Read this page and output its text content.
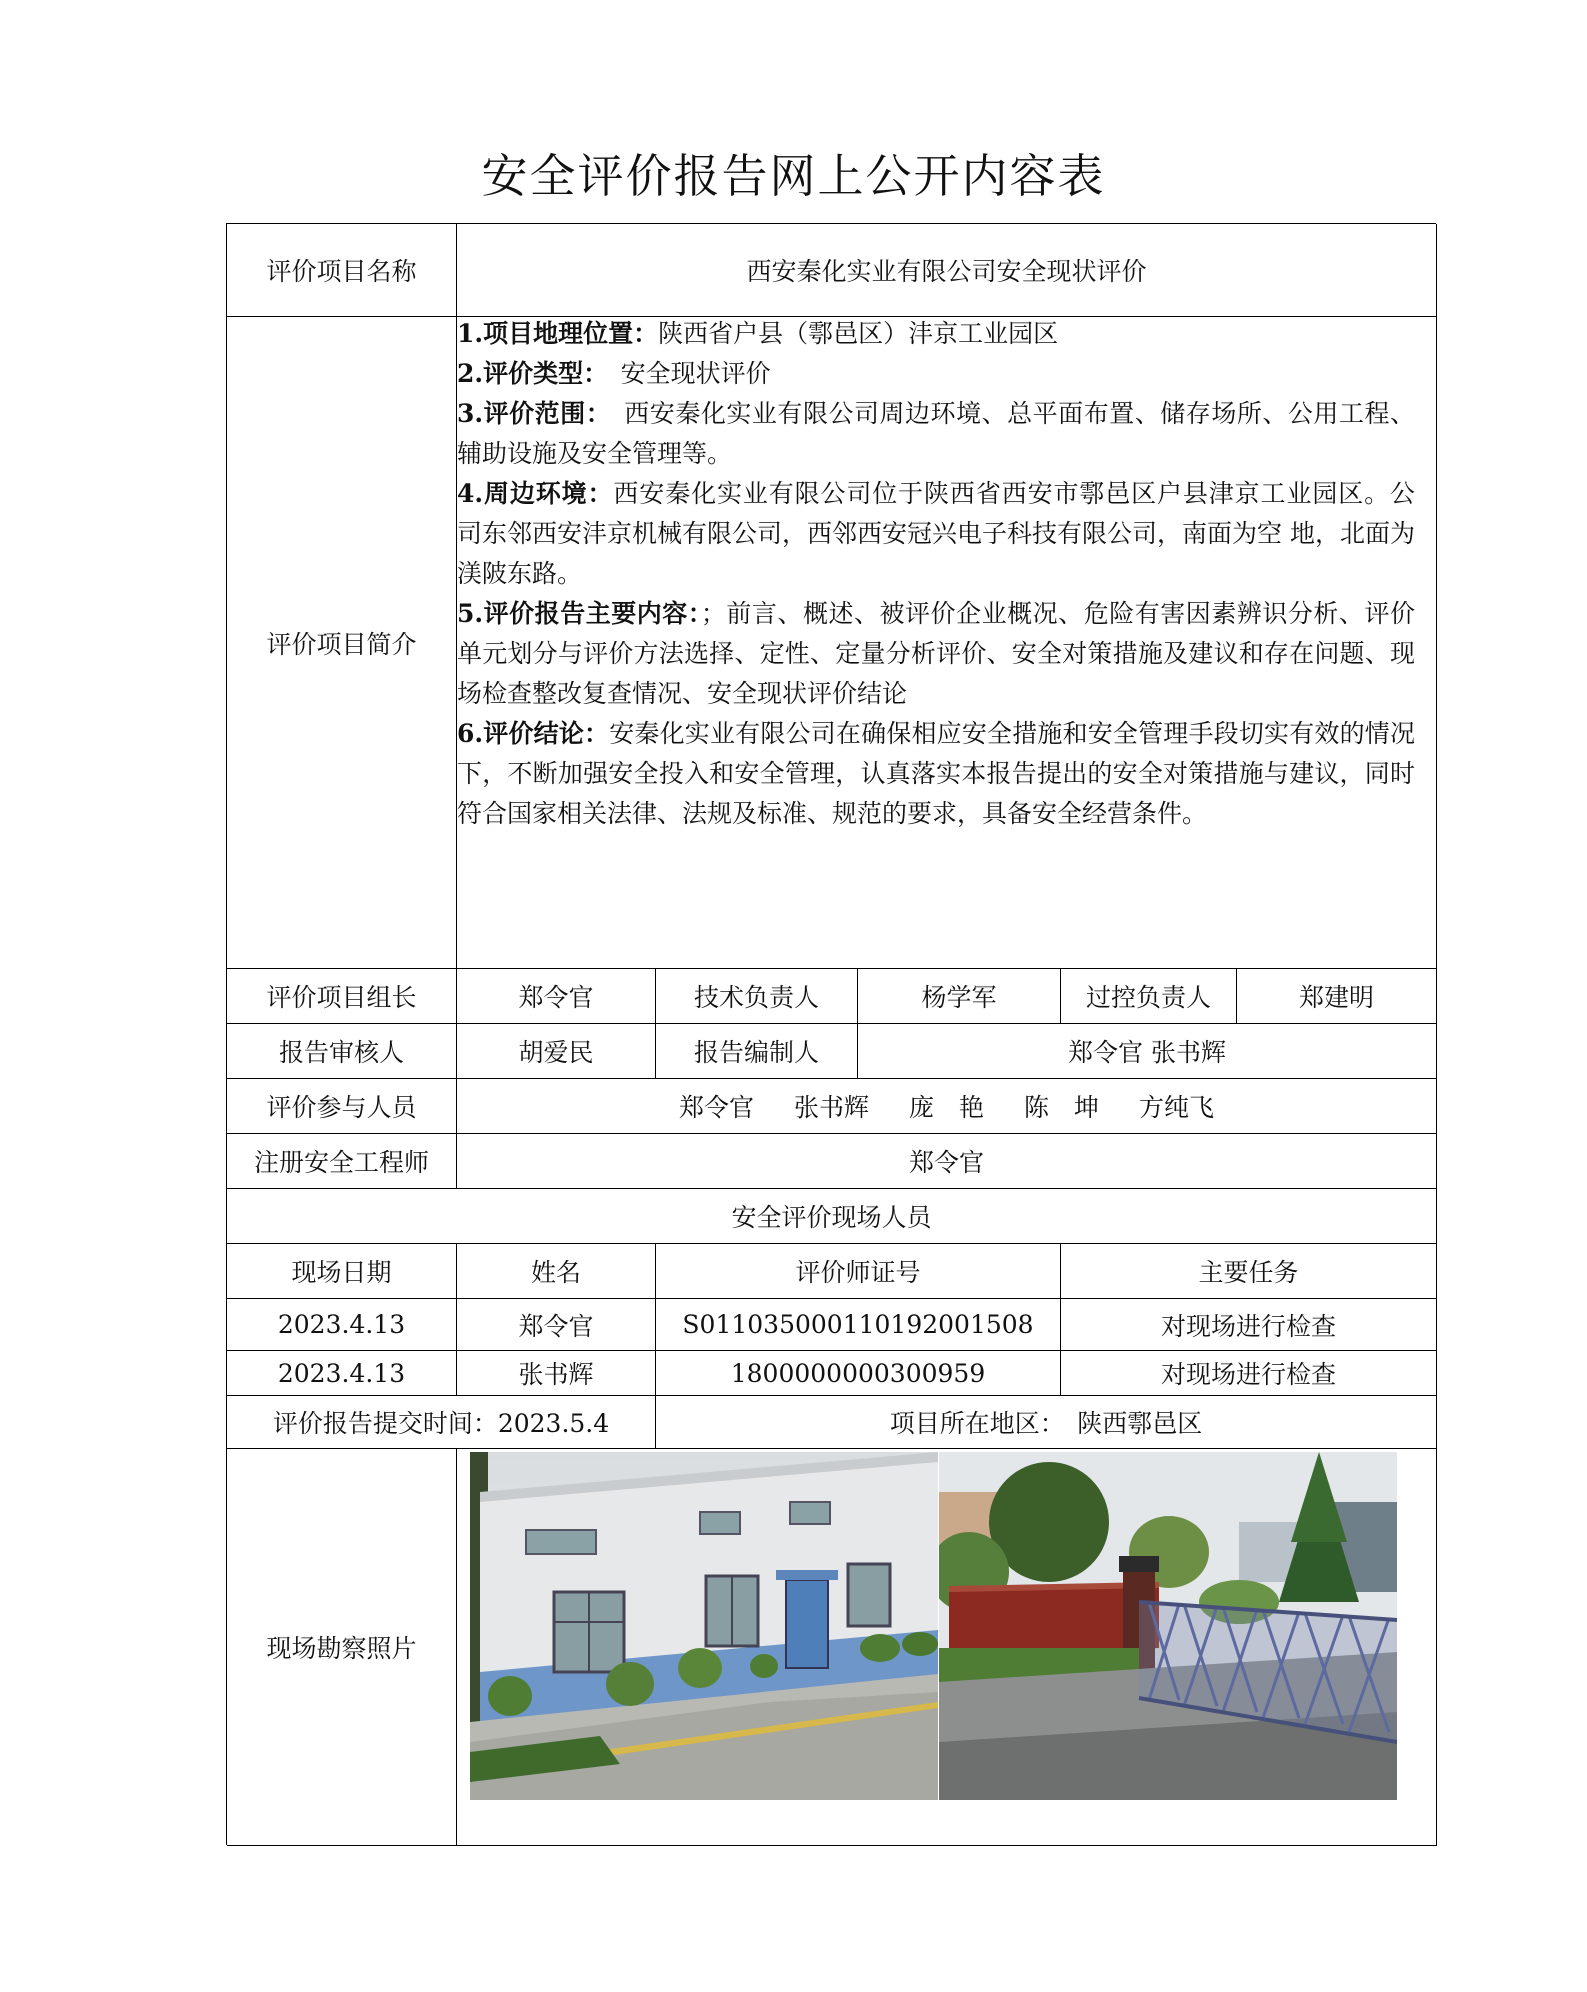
安全评价报告网上公开内容表
评价项目名称	西安秦化实业有限公司安全现状评价
评价项目简介

1.项目地理位置：陕西省户县（鄠邑区）沣京工业园区

2.评价类型：　安全现状评价

3.评价范围：　西安秦化实业有限公司周边环境、总平面布置、储存场所、公用工程、辅助设施及安全管理等。

4.周边环境：西安秦化实业有限公司位于陕西省西安市鄠邑区户县津京工业园区。公 司东邻西安沣京机械有限公司，西邻西安冠兴电子科技有限公司，南面为空 地，北面为渼陂东路。

5.评价报告主要内容：；前言、概述、被评价企业概况、危险有害因素辨识分析、评价单元划分与评价方法选择、定性、定量分析评价、安全对策措施及建议和存在问题、现场检查整改复查情况、安全现状评价结论

6.评价结论：安秦化实业有限公司在确保相应安全措施和安全管理手段切实有效的情况下，不断加强安全投入和安全管理，认真落实本报告提出的安全对策措施与建议，同时符合国家相关法律、法规及标准、规范的要求，具备安全经营条件。

评价项目组长	郑令官	技术负责人	杨学军	过控负责人	郑建明
报告审核人	胡爱民	报告编制人	郑令官 张书辉
评价参与人员	郑令官 张书辉 庞　艳 陈　坤 方纯飞
注册安全工程师	郑令官
安全评价现场人员
现场日期	姓名	评价师证号	主要任务
2023.4.13	郑令官	S011035000110192001508	对现场进行检查
2023.4.13	张书辉	1800000000300959	对现场进行检查
评价报告提交时间：2023.5.4	项目所在地区：　陕西鄠邑区
现场勘察照片
